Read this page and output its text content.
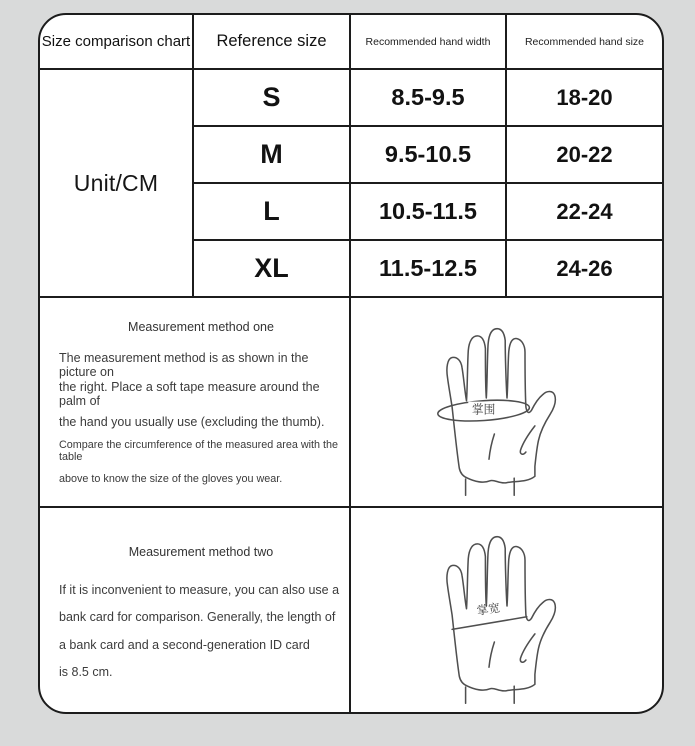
Size comparison chart	Reference size	Recommended hand width	Recommended hand size
Unit/CM
S	8.5-9.5	18-20
M	9.5-10.5	20-22
L	10.5-11.5	22-24
XL	11.5-12.5	24-26
Measurement method one
The measurement method is as shown in the picture on
the right. Place a soft tape measure around the palm of
the hand you usually use (excluding the thumb).
Compare the circumference of the measured area with the table
above to know the size of the gloves you wear.
掌围
Measurement method two
If it is inconvenient to measure, you can also use a
bank card for comparison. Generally, the length of
a bank card and a second-generation ID card
is 8.5 cm.
掌宽
